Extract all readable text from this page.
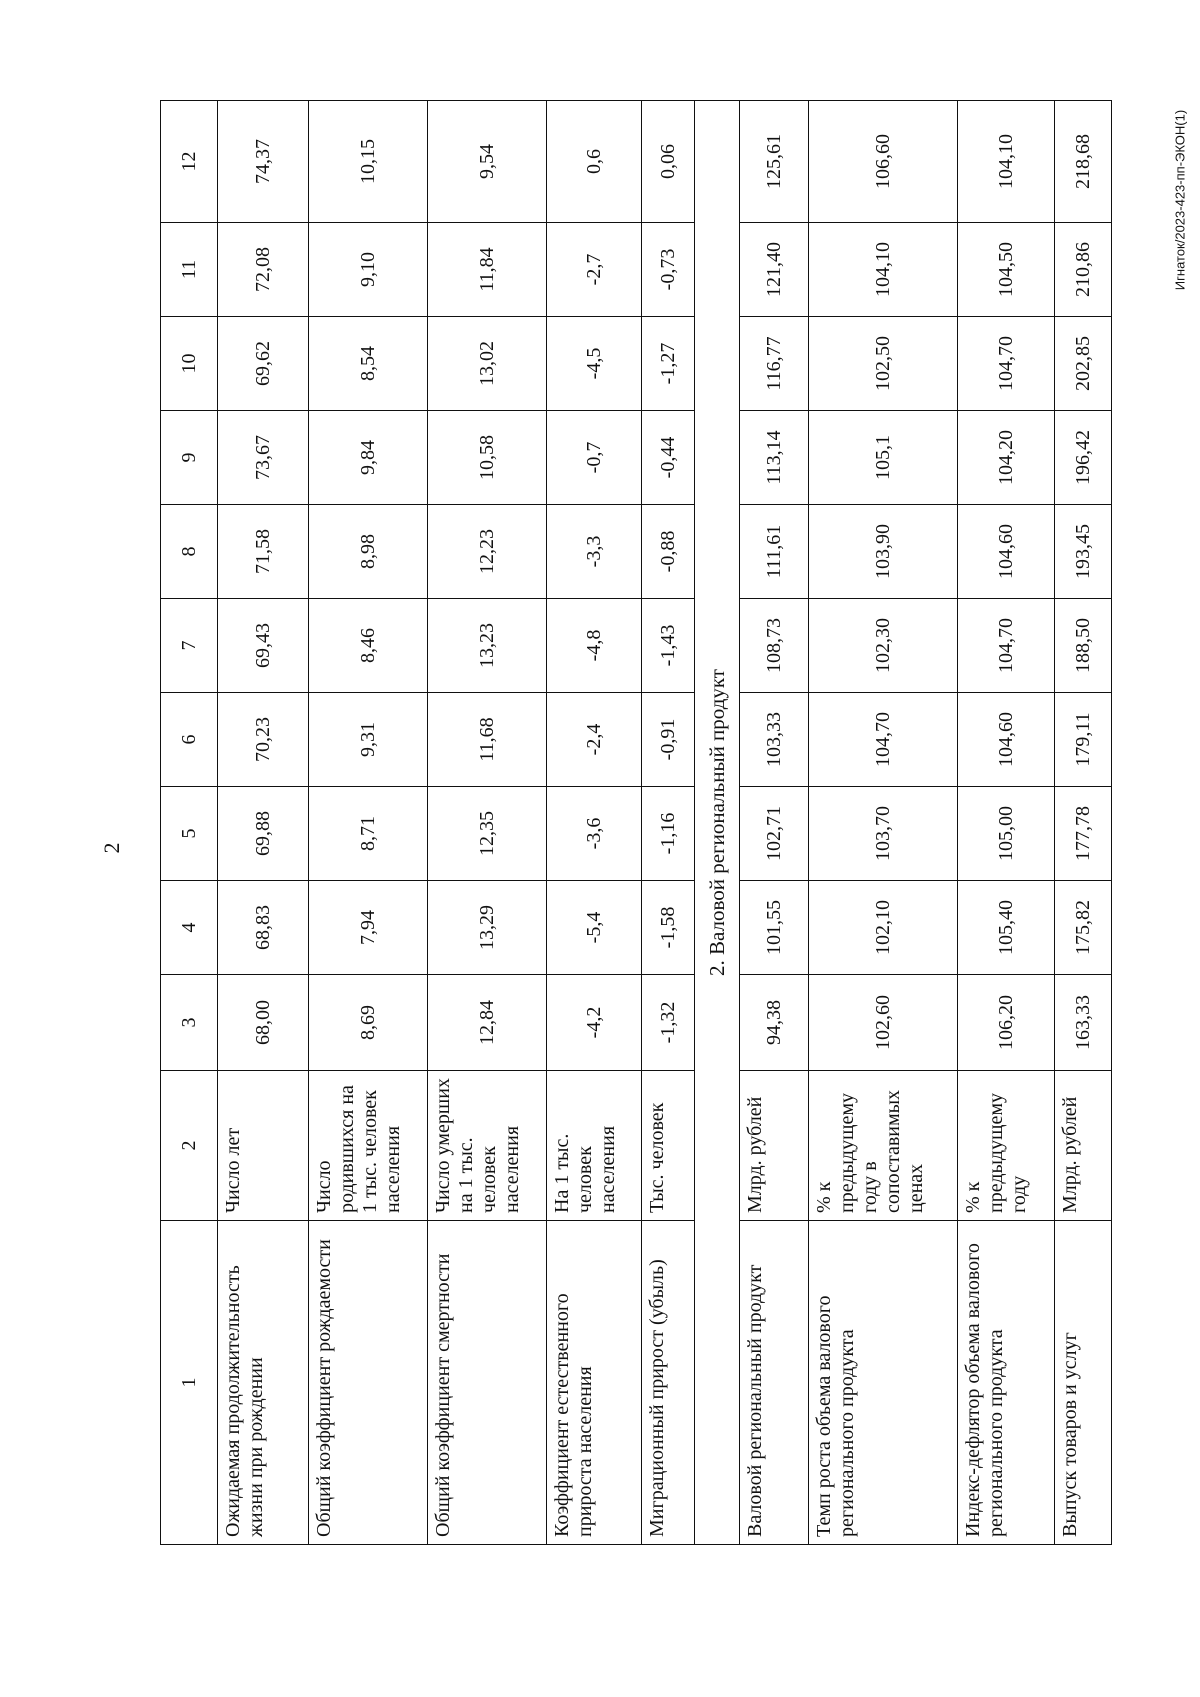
2
Игнаток/2023-423-пп-ЭКОН(1)
1	2	3	4	5	6	7	8	9	10	11	12
Ожидаемая продолжительность жизни при рождении	Число лет	68,00	68,83	69,88	70,23	69,43	71,58	73,67	69,62	72,08	74,37
Общий коэффициент рождаемости	Число родившихся на 1 тыс. человек населения	8,69	7,94	8,71	9,31	8,46	8,98	9,84	8,54	9,10	10,15
Общий коэффициент смертности	Число умерших на 1 тыс. человек населения	12,84	13,29	12,35	11,68	13,23	12,23	10,58	13,02	11,84	9,54
Коэффициент естественного прироста населения	На 1 тыс. человек населения	-4,2	-5,4	-3,6	-2,4	-4,8	-3,3	-0,7	-4,5	-2,7	0,6
Миграционный прирост (убыль)	Тыс. человек	-1,32	-1,58	-1,16	-0,91	-1,43	-0,88	-0,44	-1,27	-0,73	0,06
2. Валовой региональный продукт											
Валовой региональный продукт	Млрд. рублей	94,38	101,55	102,71	103,33	108,73	111,61	113,14	116,77	121,40	125,61
Темп роста объема валового регионального продукта	% к предыдущему году в сопоставимых ценах	102,60	102,10	103,70	104,70	102,30	103,90	105,1	102,50	104,10	106,60
Индекс-дефлятор объема валового регионального продукта	% к предыдущему году	106,20	105,40	105,00	104,60	104,70	104,60	104,20	104,70	104,50	104,10
Выпуск товаров и услуг	Млрд. рублей	163,33	175,82	177,78	179,11	188,50	193,45	196,42	202,85	210,86	218,68
